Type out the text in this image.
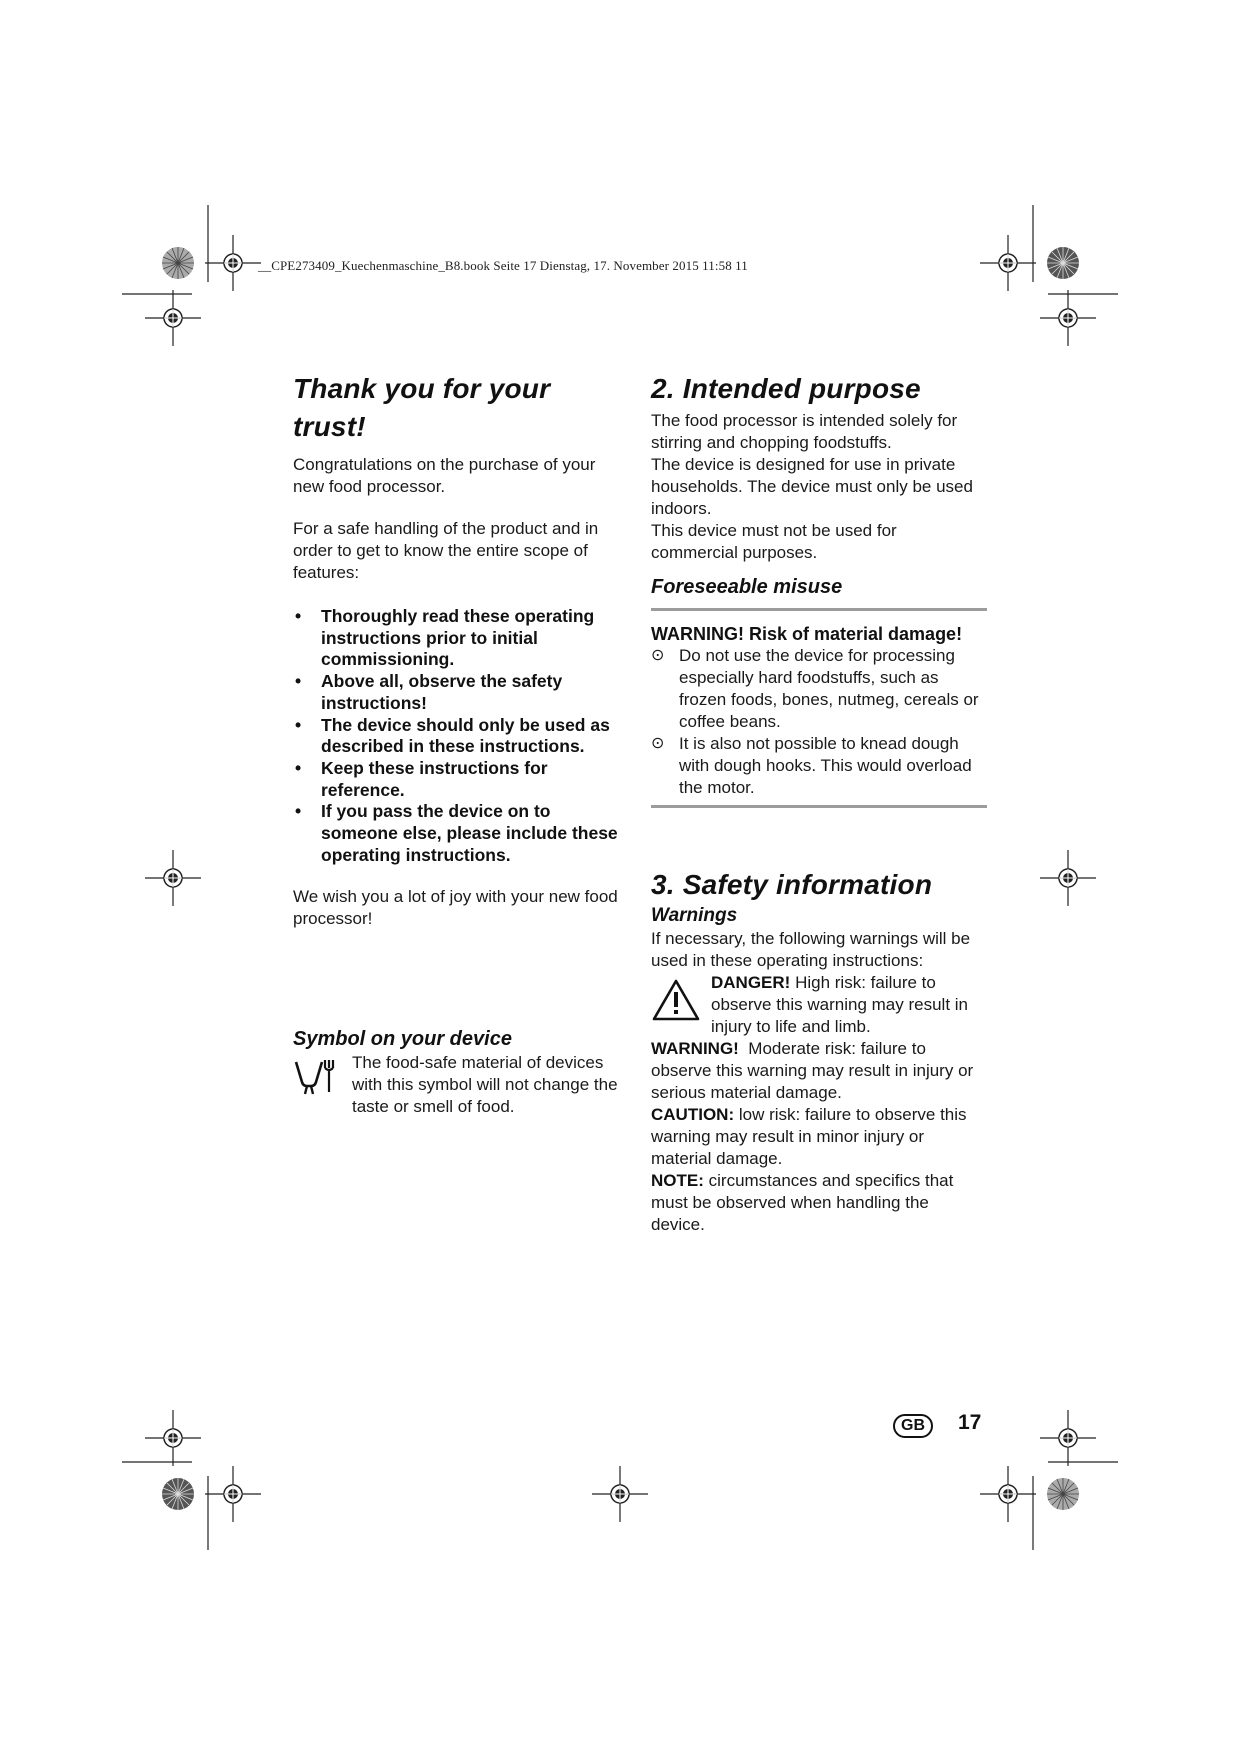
__CPE273409_Kuechenmaschine_B8.book Seite 17 Dienstag, 17. November 2015 11:58 11
Thank you for your trust!

Congratulations on the purchase of your new food processor.

For a safe handling of the product and in order to get to know the entire scope of features:

• Thoroughly read these operating instructions prior to initial commissioning.
• Above all, observe the safety instructions!
• The device should only be used as described in these instructions.
• Keep these instructions for reference.
• If you pass the device on to someone else, please include these operating instructions.

We wish you a lot of joy with your new food processor!

Symbol on your device

The food-safe material of devices with this symbol will not change the taste or smell of food.

2. Intended purpose

The food processor is intended solely for stirring and chopping foodstuffs.

The device is designed for use in private households. The device must only be used indoors.

This device must not be used for commercial purposes.

Foreseeable misuse

WARNING! Risk of material damage!

⊙ Do not use the device for processing especially hard foodstuffs, such as frozen foods, bones, nutmeg, cereals or coffee beans.
⊙ It is also not possible to knead dough with dough hooks. This would overload the motor.
3. Safety information
Warnings

If necessary, the following warnings will be used in these operating instructions:

DANGER! High risk: failure to observe this warning may result in injury to life and limb.

WARNING! Moderate risk: failure to observe this warning may result in injury or serious material damage.

CAUTION: low risk: failure to observe this warning may result in minor injury or material damage.

NOTE: circumstances and specifics that must be observed when handling the device.

GB	17
